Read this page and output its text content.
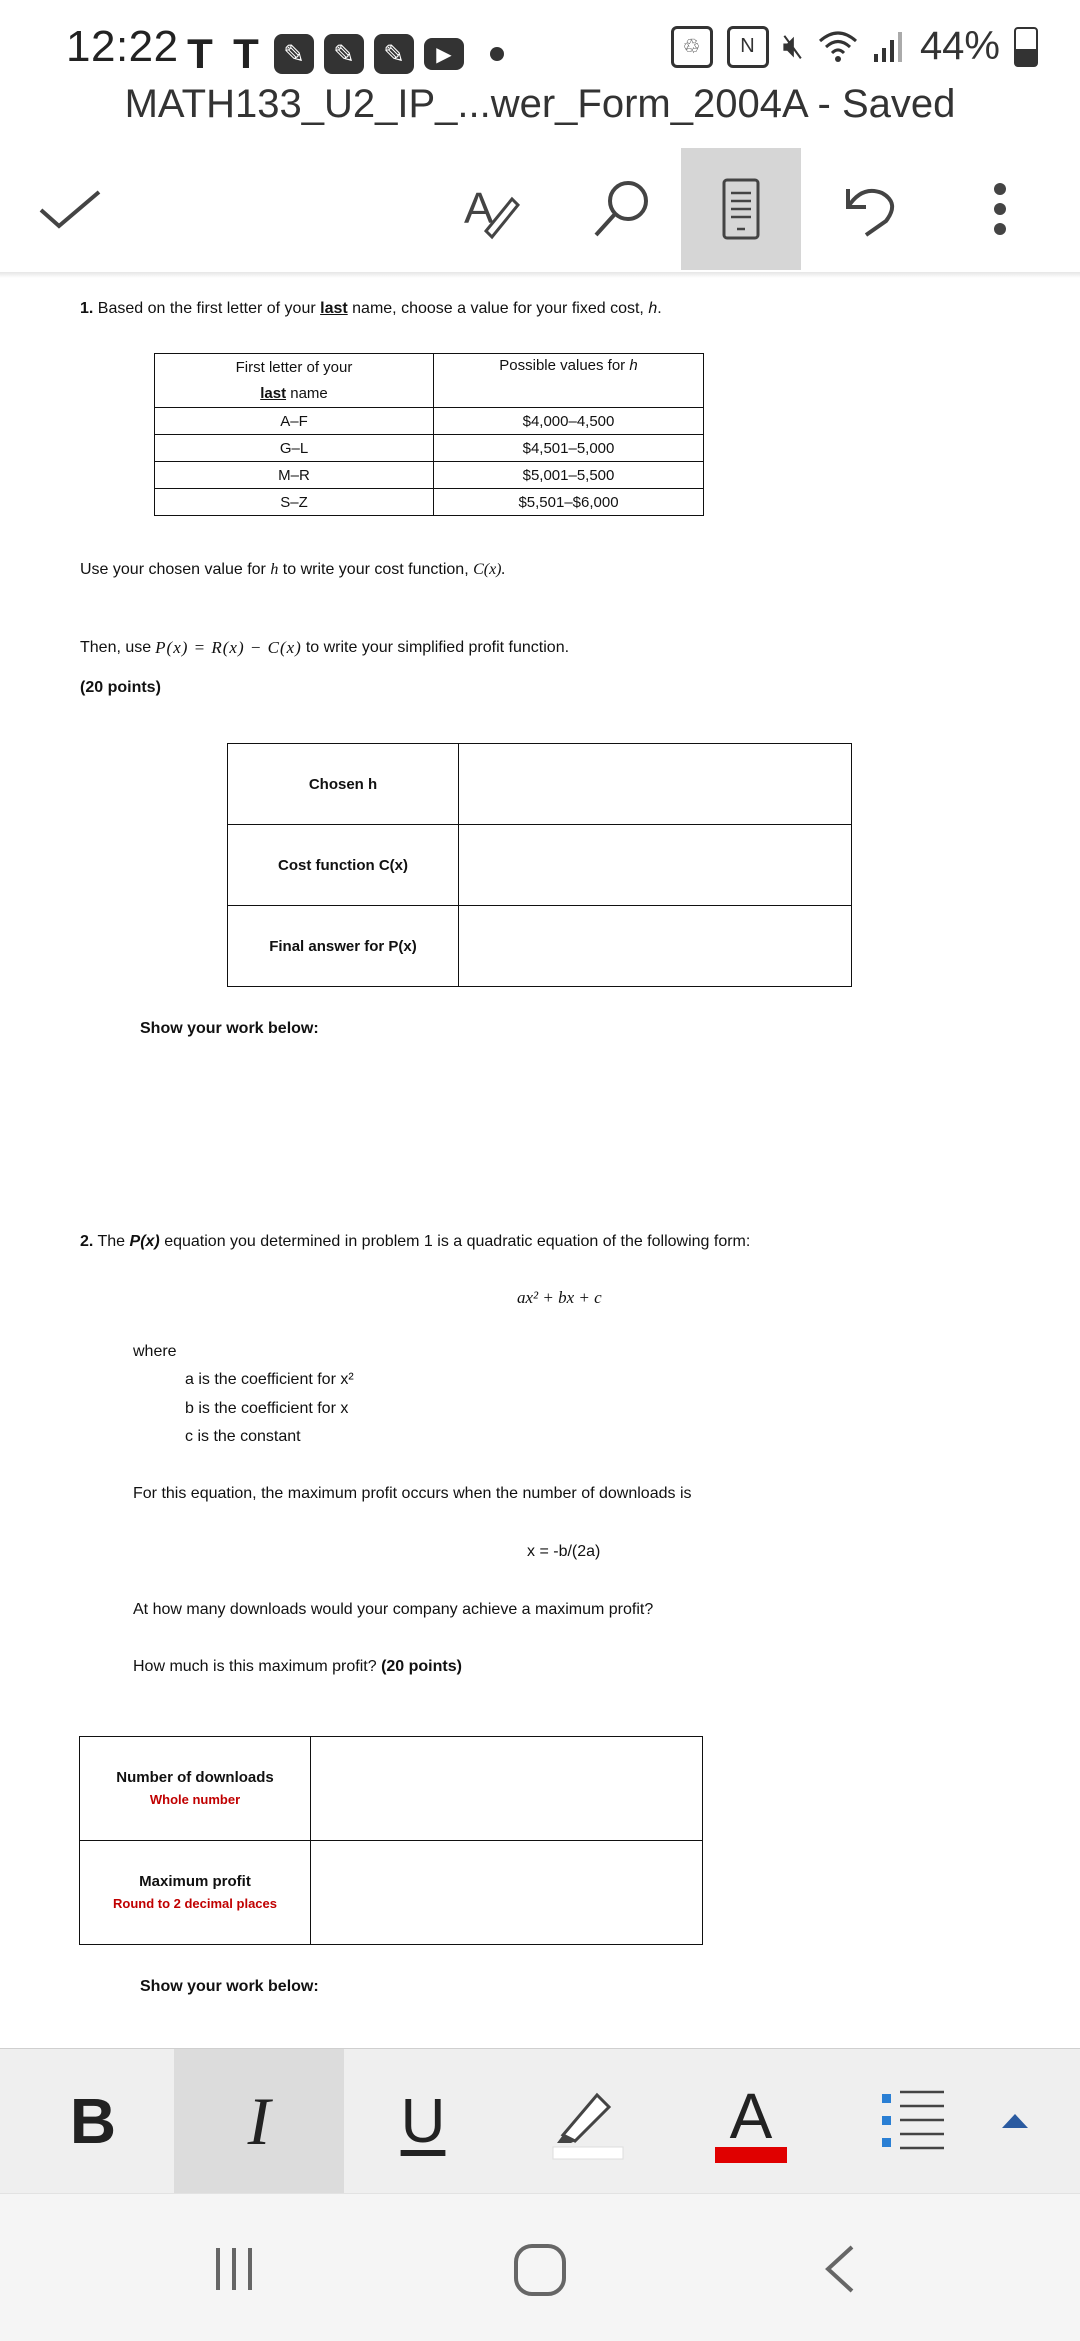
12:22 T T ✎	✎	✎	▶	♲	N 🔇︎	44%
MATH133_U2_IP_...wer_Form_2004A - Saved
A
1. Based on the first letter of your last name, choose a value for your fixed cost, h.
First letter of your
last name	Possible values for h
A–F	$4,000–4,500
G–L	$4,501–5,000
M–R	$5,001–5,500
S–Z	$5,501–$6,000
Use your chosen value for h to write your cost function, C(x).
Then, use P(x) = R(x) − C(x) to write your simplified profit function.
(20 points)
Chosen h	
Cost function C(x)	
Final answer for P(x)	
Show your work below:
2. The P(x) equation you determined in problem 1 is a quadratic equation of the following form:
ax² + bx + c
where
a is the coefficient for x²
b is the coefficient for x
c is the constant
For this equation, the maximum profit occurs when the number of downloads is
x = -b/(2a)
At how many downloads would your company achieve a maximum profit?
How much is this maximum profit? (20 points)
Number of downloads
Whole number	
Maximum profit
Round to 2 decimal places	
Show your work below:
B I U	A
